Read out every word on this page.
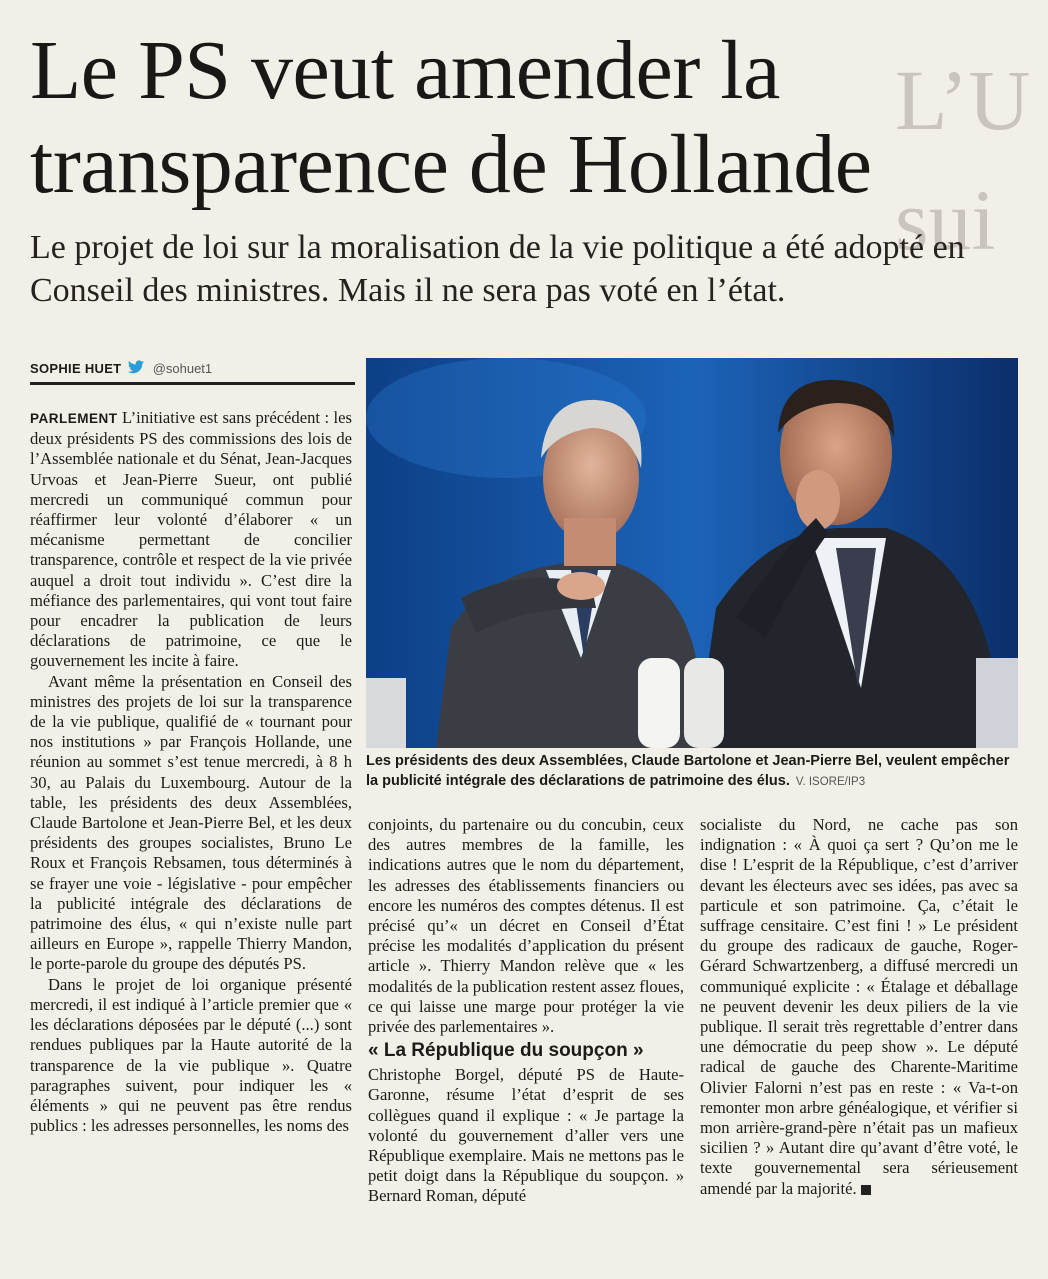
L’U
sui
Le PS veut amender la transparence de Hollande

Le projet de loi sur la moralisation de la vie politique a été adopté en Conseil des ministres. Mais il ne sera pas voté en l’état.

SOPHIE HUET @sohuet1

PARLEMENT L’initiative est sans précédent : les deux présidents PS des commissions des lois de l’Assemblée nationale et du Sénat, Jean-Jacques Urvoas et Jean-Pierre Sueur, ont publié mercredi un communiqué commun pour réaffirmer leur volonté d’élaborer « un mécanisme permettant de concilier transparence, contrôle et respect de la vie privée auquel a droit tout individu ». C’est dire la méfiance des parlementaires, qui vont tout faire pour encadrer la publication de leurs déclarations de patrimoine, ce que le gouvernement les incite à faire.

Avant même la présentation en Conseil des ministres des projets de loi sur la transparence de la vie publique, qualifié de « tournant pour nos institutions » par François Hollande, une réunion au sommet s’est tenue mercredi, à 8 h 30, au Palais du Luxembourg. Autour de la table, les présidents des deux Assemblées, Claude Bartolone et Jean-Pierre Bel, et les deux présidents des groupes socialistes, Bruno Le Roux et François Rebsamen, tous déterminés à se frayer une voie - législative - pour empêcher la publicité intégrale des déclarations de patrimoine des élus, « qui n’existe nulle part ailleurs en Europe », rappelle Thierry Mandon, le porte-parole du groupe des députés PS.

Dans le projet de loi organique présenté mercredi, il est indiqué à l’article premier que « les déclarations déposées par le député (...) sont rendues publiques par la Haute autorité de la transparence de la vie publique ». Quatre paragraphes suivent, pour indiquer les « éléments » qui ne peuvent pas être rendus publics : les adresses personnelles, les noms des

Les présidents des deux Assemblées, Claude Bartolone et Jean-Pierre Bel, veulent empêcher la publicité intégrale des déclarations de patrimoine des élus. V. ISORE/IP3

conjoints, du partenaire ou du concubin, ceux des autres membres de la famille, les indications autres que le nom du département, les adresses des établissements financiers ou encore les numéros des comptes détenus. Il est précisé qu’« un décret en Conseil d’État précise les modalités d’application du présent article ». Thierry Mandon relève que « les modalités de la publication restent assez floues, ce qui laisse une marge pour protéger la vie privée des parlementaires ».

« La République du soupçon »

Christophe Borgel, député PS de Haute-Garonne, résume l’état d’esprit de ses collègues quand il explique : « Je partage la volonté du gouvernement d’aller vers une République exemplaire. Mais ne mettons pas le petit doigt dans la République du soupçon. » Bernard Roman, député

socialiste du Nord, ne cache pas son indignation : « À quoi ça sert ? Qu’on me le dise ! L’esprit de la République, c’est d’arriver devant les électeurs avec ses idées, pas avec sa particule et son patrimoine. Ça, c’était le suffrage censitaire. C’est fini ! » Le président du groupe des radicaux de gauche, Roger-Gérard Schwartzenberg, a diffusé mercredi un communiqué explicite : « Étalage et déballage ne peuvent devenir les deux piliers de la vie publique. Il serait très regrettable d’entrer dans une démocratie du peep show ». Le député radical de gauche des Charente-Maritime Olivier Falorni n’est pas en reste : « Va-t-on remonter mon arbre généalogique, et vérifier si mon arrière-grand-père n’était pas un mafieux sicilien ? » Autant dire qu’avant d’être voté, le texte gouvernemental sera sérieusement amendé par la majorité.
